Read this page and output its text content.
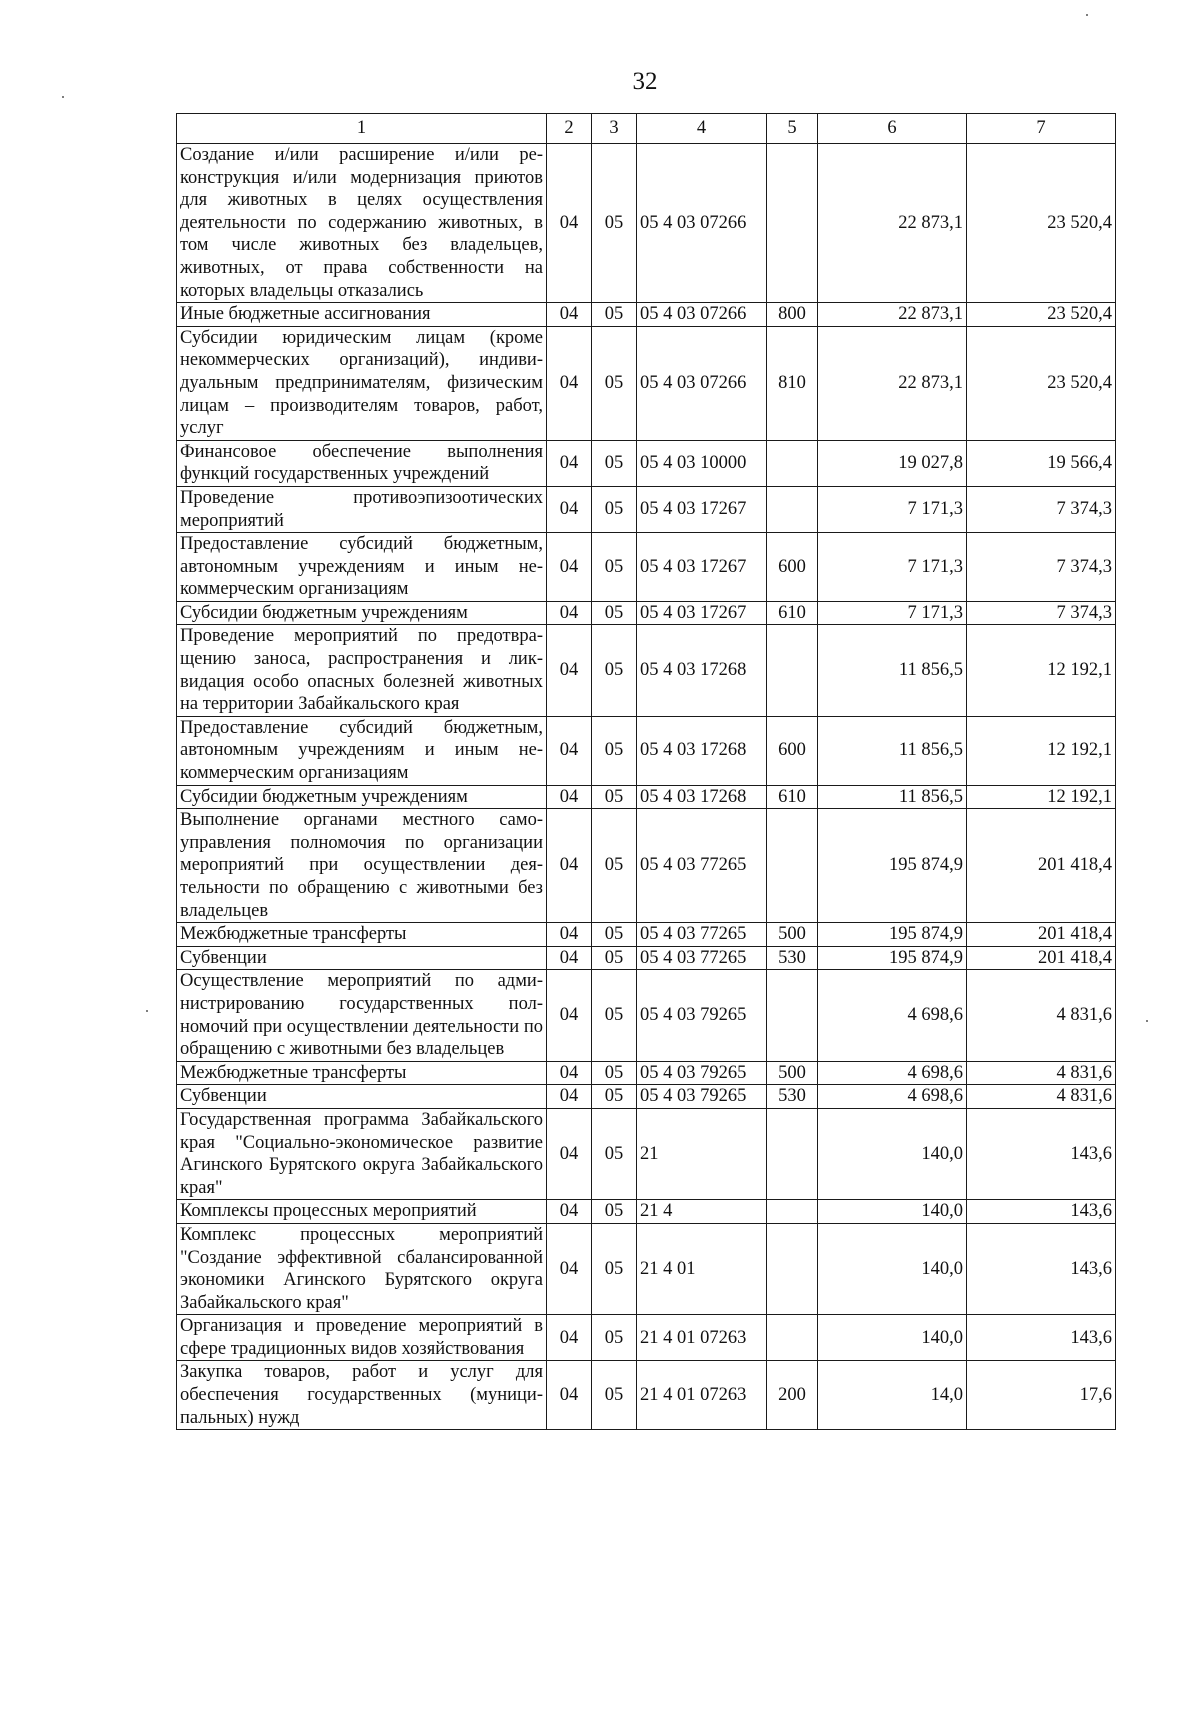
32
1	2	3	4	5	6	7
Создание и/или расширение и/или реконструкция и/или модернизация приютов для животных в целях осуществления деятельности по содержанию животных, в том числе животных без владельцев, животных, от права собственности на которых владельцы отказались	04	05	05 4 03 07266		22 873,1	23 520,4
Иные бюджетные ассигнования	04	05	05 4 03 07266	800	22 873,1	23 520,4
Субсидии юридическим лицам (кроме некоммерческих организаций), индивидуальным предпринимателям, физическим лицам – производителям товаров, работ, услуг	04	05	05 4 03 07266	810	22 873,1	23 520,4
Финансовое обеспечение выполнения функций государственных учреждений	04	05	05 4 03 10000		19 027,8	19 566,4
Проведение противоэпизоотических мероприятий	04	05	05 4 03 17267		7 171,3	7 374,3
Предоставление субсидий бюджетным, автономным учреждениям и иным некоммерческим организациям	04	05	05 4 03 17267	600	7 171,3	7 374,3
Субсидии бюджетным учреждениям	04	05	05 4 03 17267	610	7 171,3	7 374,3
Проведение мероприятий по предотвращению заноса, распространения и ликвидация особо опасных болезней животных на территории Забайкальского края	04	05	05 4 03 17268		11 856,5	12 192,1
Предоставление субсидий бюджетным, автономным учреждениям и иным некоммерческим организациям	04	05	05 4 03 17268	600	11 856,5	12 192,1
Субсидии бюджетным учреждениям	04	05	05 4 03 17268	610	11 856,5	12 192,1
Выполнение органами местного самоуправления полномочия по организации мероприятий при осуществлении деятельности по обращению с животными без владельцев	04	05	05 4 03 77265		195 874,9	201 418,4
Межбюджетные трансферты	04	05	05 4 03 77265	500	195 874,9	201 418,4
Субвенции	04	05	05 4 03 77265	530	195 874,9	201 418,4
Осуществление мероприятий по администрированию государственных полномочий при осуществлении деятельности по обращению с животными без владельцев	04	05	05 4 03 79265		4 698,6	4 831,6
Межбюджетные трансферты	04	05	05 4 03 79265	500	4 698,6	4 831,6
Субвенции	04	05	05 4 03 79265	530	4 698,6	4 831,6
Государственная программа Забайкальского края "Социально-экономическое развитие Агинского Бурятского округа Забайкальского края"	04	05	21		140,0	143,6
Комплексы процессных мероприятий	04	05	21 4		140,0	143,6
Комплекс процессных мероприятий "Создание эффективной сбалансированной экономики Агинского Бурятского округа Забайкальского края"	04	05	21 4 01		140,0	143,6
Организация и проведение мероприятий в сфере традиционных видов хозяйствования	04	05	21 4 01 07263		140,0	143,6
Закупка товаров, работ и услуг для обеспечения государственных (муниципальных) нужд	04	05	21 4 01 07263	200	14,0	17,6
